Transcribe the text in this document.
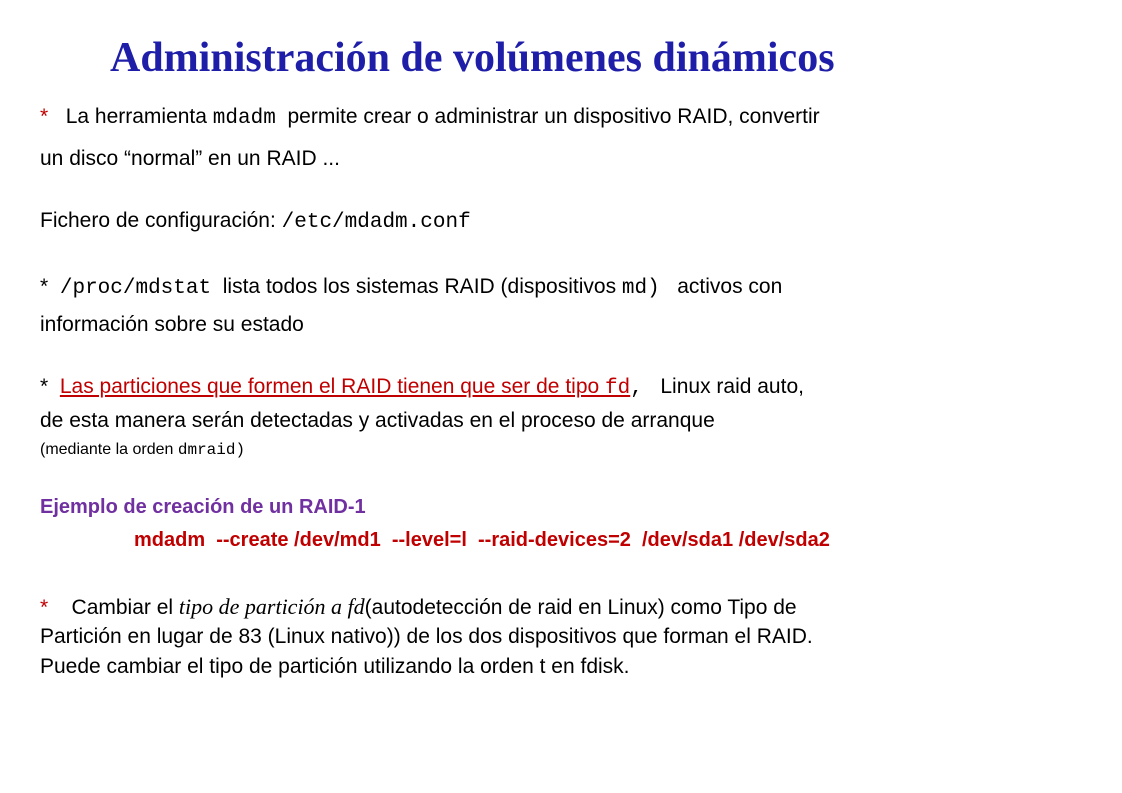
Administración de volúmenes dinámicos
* La herramienta mdadm permite crear o administrar un dispositivo RAID, convertir
un disco “normal” en un RAID ...
Fichero de configuración: /etc/mdadm.conf
* /proc/mdstat lista todos los sistemas RAID (dispositivos md) activos con
información sobre su estado
* Las particiones que formen el RAID tienen que ser de tipo fd, Linux raid auto,
de esta manera serán detectadas y activadas en el proceso de arranque
(mediante la orden dmraid)
Ejemplo de creación de un RAID-1
mdadm  --create /dev/md1  --level=l  --raid-devices=2  /dev/sda1 /dev/sda2
* Cambiar el tipo de partición a fd(autodetección de raid en Linux) como Tipo de
Partición en lugar de 83 (Linux nativo)) de los dos dispositivos que forman el RAID.
Puede cambiar el tipo de partición utilizando la orden t en fdisk.
